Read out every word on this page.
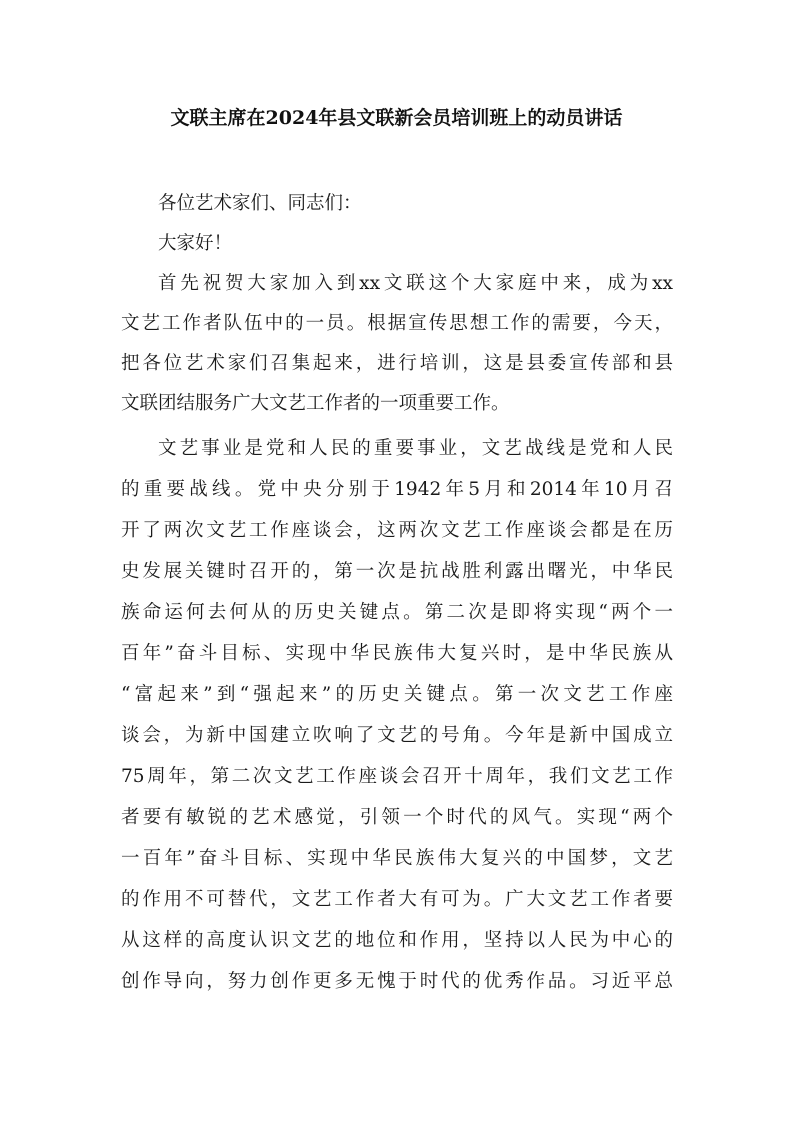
文联主席在2024年县文联新会员培训班上的动员讲话
各位艺术家们、同志们：
大家好！
首先祝贺大家加入到xx文联这个大家庭中来，成为xx
文艺工作者队伍中的一员。根据宣传思想工作的需要，今天，
把各位艺术家们召集起来，进行培训，这是县委宣传部和县
文联团结服务广大文艺工作者的一项重要工作。
文艺事业是党和人民的重要事业，文艺战线是党和人民
的重要战线。党中央分别于1942年5月和2014年10月召
开了两次文艺工作座谈会，这两次文艺工作座谈会都是在历
史发展关键时召开的，第一次是抗战胜利露出曙光，中华民
族命运何去何从的历史关键点。第二次是即将实现“两个一
百年”奋斗目标、实现中华民族伟大复兴时，是中华民族从
“富起来”到“强起来”的历史关键点。第一次文艺工作座
谈会，为新中国建立吹响了文艺的号角。今年是新中国成立
75周年，第二次文艺工作座谈会召开十周年，我们文艺工作
者要有敏锐的艺术感觉，引领一个时代的风气。实现“两个
一百年”奋斗目标、实现中华民族伟大复兴的中国梦，文艺
的作用不可替代，文艺工作者大有可为。广大文艺工作者要
从这样的高度认识文艺的地位和作用，坚持以人民为中心的
创作导向，努力创作更多无愧于时代的优秀作品。习近平总
